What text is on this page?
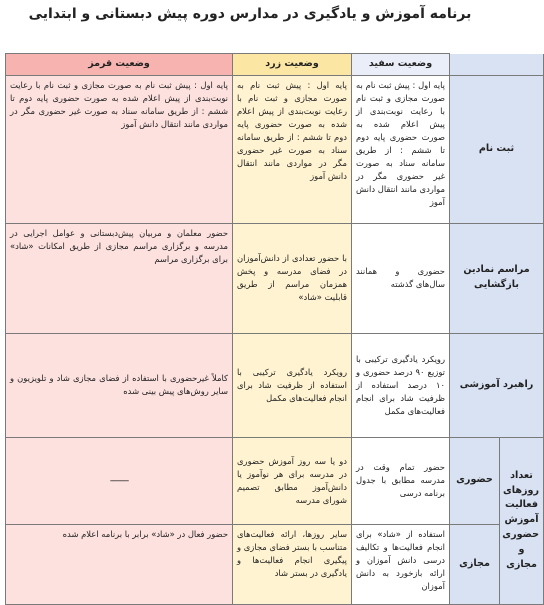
برنامه آموزش و یادگیری در مدارس دوره پیش دبستانی و ابتدایی
		وضعیت سفید	وضعیت زرد	وضعیت قرمز
ثبت نام		پایه اول : پیش ثبت نام به صورت مجازی و ثبت نام با رعایت نوبت‌بندی از پیش اعلام شده به صورت حضوری پایه دوم تا ششم : از طریق سامانه سناد به صورت غیر حضوری مگر در مواردی مانند انتقال دانش آموز	پایه اول : پیش ثبت نام به صورت مجازی و ثبت نام با رعایت نوبت‌بندی از پیش اعلام شده به صورت حضوری پایه دوم تا ششم : از طریق سامانه سناد به صورت غیر حضوری مگر در مواردی مانند انتقال دانش آموز	پایه اول : پیش ثبت نام به صورت مجازی و ثبت نام با رعایت نوبت‌بندی از پیش اعلام شده به صورت حضوری پایه دوم تا ششم : از طریق سامانه سناد به صورت غیر حضوری مگر در مواردی مانند انتقال دانش آموز
مراسم نمادین بازگشایی		حضوری و همانند سال‌های گذشته	با حضور تعدادی از دانش‌آموزان در فضای مدرسه و پخش همزمان مراسم از طریق قابلیت «شاد»	حضور معلمان و مربیان پیش‌دبستانی و عوامل اجرایی در مدرسه و برگزاری مراسم مجازی از طریق امکانات «شاد» برای برگزاری مراسم
راهبرد آموزشی		رویکرد یادگیری ترکیبی با توزیع ۹۰ درصد حضوری و ۱۰ درصد استفاده از ظرفیت شاد برای انجام فعالیت‌های مکمل	رویکرد یادگیری ترکیبی با استفاده از ظرفیت شاد برای انجام فعالیت‌های مکمل	کاملاً غیرحضوری با استفاده از فضای مجازی شاد و تلویزیون و سایر روش‌های پیش بینی شده
تعداد روزهای فعالیت آموزش حضوری و مجازی	حضوری	حضور تمام وقت در مدرسه مطابق با جدول برنامه درسی	دو یا سه روز آموزش حضوری در مدرسه برای هر نوآموز یا دانش‌آموز مطابق تصمیم شورای مدرسه	---------
	مجازی	استفاده از «شاد» برای انجام فعالیت‌ها و تکالیف درسی دانش آموزان و ارائه بازخورد به دانش آموزان	سایر روزها، ارائه فعالیت‌های متناسب با بستر فضای مجازی و پیگیری انجام فعالیت‌ها و یادگیری در بستر شاد	حضور فعال در «شاد» برابر با برنامه اعلام شده
